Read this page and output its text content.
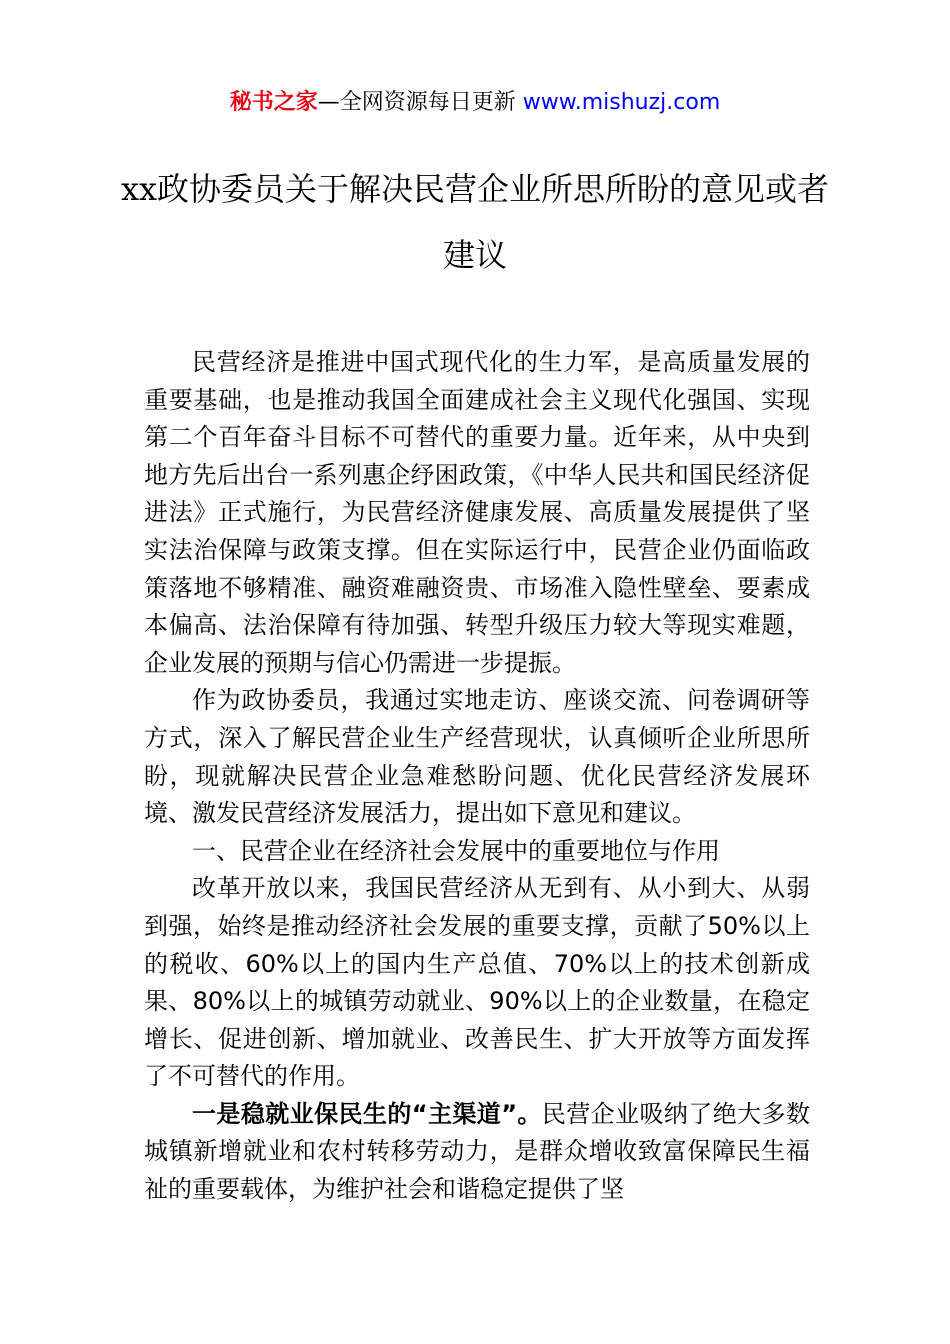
秘书之家—全网资源每日更新 www.mishuzj.com
xx政协委员关于解决民营企业所思所盼的意见或者建议

民营经济是推进中国式现代化的生力军，是高质量发展的重要基础，也是推动我国全面建成社会主义现代化强国、实现第二个百年奋斗目标不可替代的重要力量。近年来，从中央到地方先后出台一系列惠企纾困政策，《中华人民共和国民经济促进法》正式施行，为民营经济健康发展、高质量发展提供了坚实法治保障与政策支撑。但在实际运行中，民营企业仍面临政策落地不够精准、融资难融资贵、市场准入隐性壁垒、要素成本偏高、法治保障有待加强、转型升级压力较大等现实难题，企业发展的预期与信心仍需进一步提振。

作为政协委员，我通过实地走访、座谈交流、问卷调研等方式，深入了解民营企业生产经营现状，认真倾听企业所思所盼，现就解决民营企业急难愁盼问题、优化民营经济发展环境、激发民营经济发展活力，提出如下意见和建议。

一、民营企业在经济社会发展中的重要地位与作用

改革开放以来，我国民营经济从无到有、从小到大、从弱到强，始终是推动经济社会发展的重要支撑，贡献了50%以上的税收、60%以上的国内生产总值、70%以上的技术创新成果、80%以上的城镇劳动就业、90%以上的企业数量，在稳定增长、促进创新、增加就业、改善民生、扩大开放等方面发挥了不可替代的作用。

一是稳就业保民生的“主渠道”。民营企业吸纳了绝大多数城镇新增就业和农村转移劳动力，是群众增收致富保障民生福祉的重要载体，为维护社会和谐稳定提供了坚
